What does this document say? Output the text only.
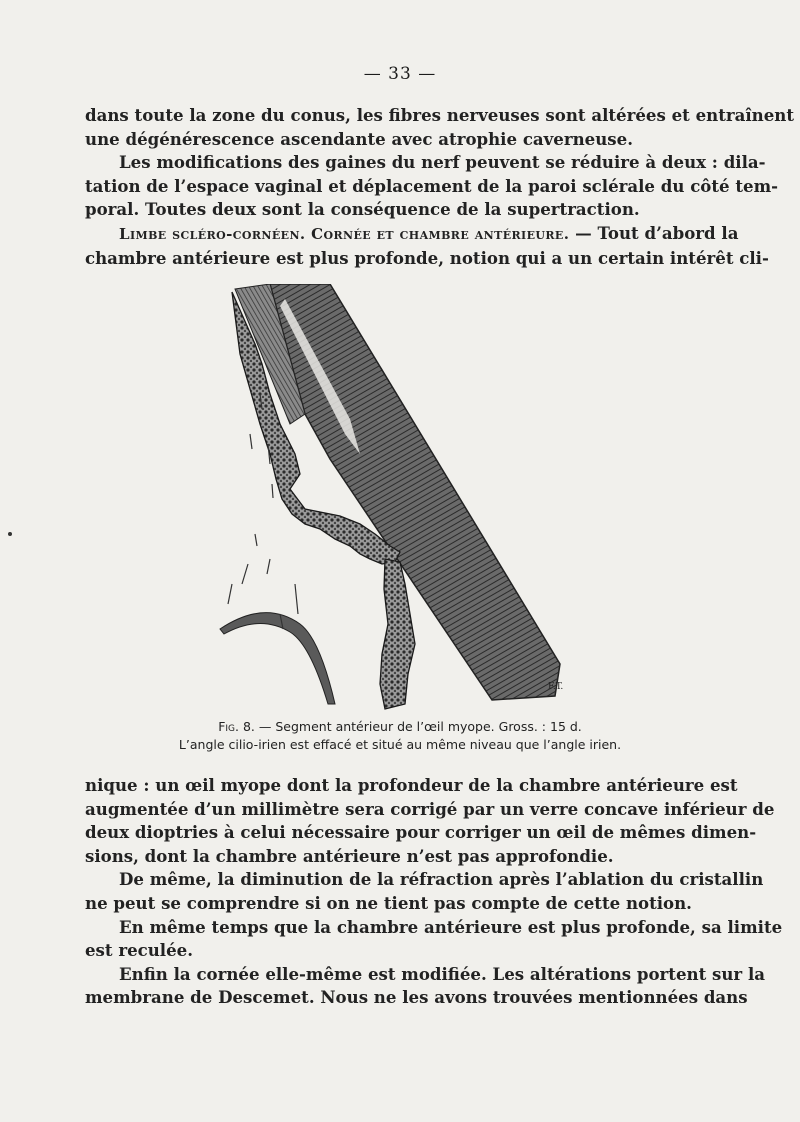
— 33 —
dans toute la zone du conus, les fibres nerveuses sont altérées et entraînent
une dégénérescence ascendante avec atrophie caverneuse.
Les modifications des gaines du nerf peuvent se réduire à deux : dila-
tation de l’espace vaginal et déplacement de la paroi sclérale du côté tem-
poral. Toutes deux sont la conséquence de la supertraction.
Limbe scléro-cornéen. Cornée et chambre antérieure. — Tout d’abord la
chambre antérieure est plus profonde, notion qui a un certain intérêt cli-
F.T.
Fig. 8. — Segment antérieur de l’œil myope. Gross. : 15 d.
L’angle cilio-irien est effacé et situé au même niveau que l’angle irien.
nique : un œil myope dont la profondeur de la chambre antérieure est
augmentée d’un millimètre sera corrigé par un verre concave inférieur de
deux dioptries à celui nécessaire pour corriger un œil de mêmes dimen-
sions, dont la chambre antérieure n’est pas approfondie.
De même, la diminution de la réfraction après l’ablation du cristallin
ne peut se comprendre si on ne tient pas compte de cette notion.
En même temps que la chambre antérieure est plus profonde, sa limite
est reculée.
Enfin la cornée elle-même est modifiée. Les altérations portent sur la
membrane de Descemet. Nous ne les avons trouvées mentionnées dans
